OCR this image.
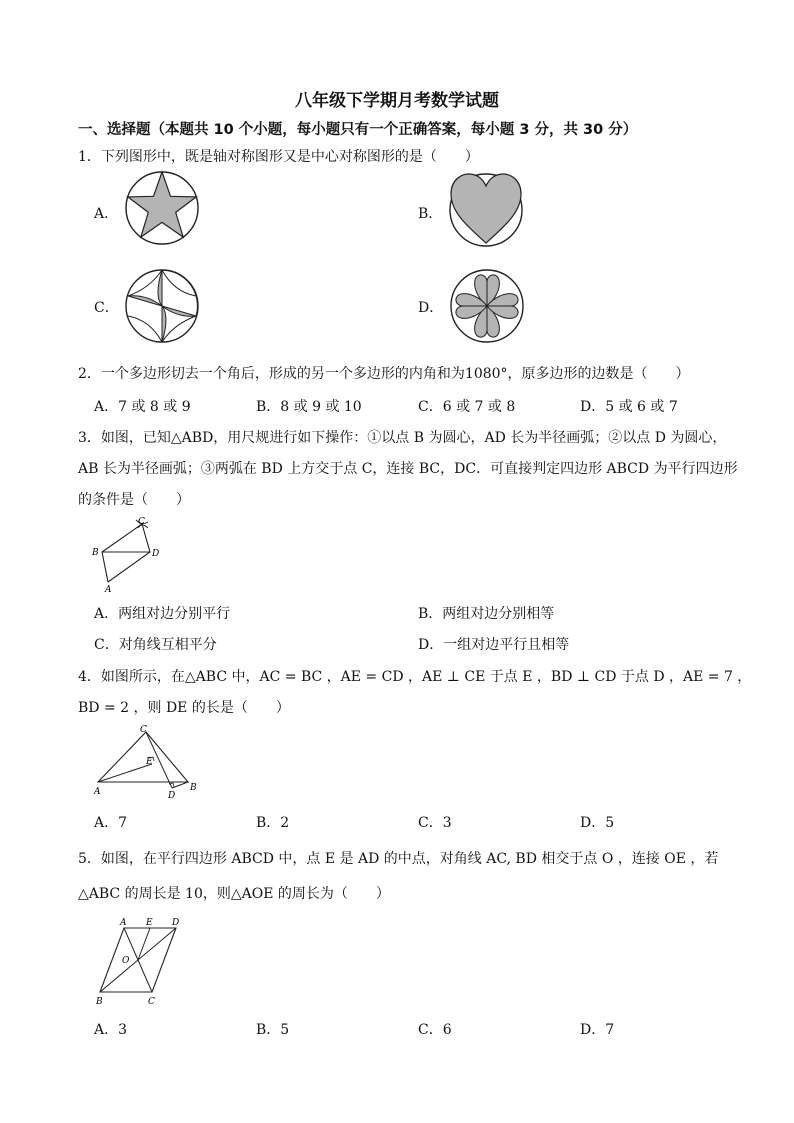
八年级下学期月考数学试题
一、选择题（本题共 10 个小题，每小题只有一个正确答案，每小题 3 分，共 30 分）
1．下列图形中，既是轴对称图形又是中心对称图形的是（　　）
A．	B．
C．	D．
2．一个多边形切去一个角后，形成的另一个多边形的内角和为1080°，原多边形的边数是（　　）
A．7 或 8 或 9	B．8 或 9 或 10	C．6 或 7 或 8	D．5 或 6 或 7
3．如图，已知△ABD，用尺规进行如下操作：①以点 B 为圆心，AD 长为半径画弧；②以点 D 为圆心，
AB 长为半径画弧；③两弧在 BD 上方交于点 C，连接 BC，DC．可直接判定四边形 ABCD 为平行四边形
的条件是（　　）
C
B	D
A
A．两组对边分别平行	B．两组对边分别相等
C．对角线互相平分	D．一组对边平行且相等
4．如图所示，在△ABC 中，AC = BC ，AE = CD ，AE ⊥ CE 于点 E ，BD ⊥ CD 于点 D ，AE = 7 ，
BD = 2 ，则 DE 的长是（　　）
C
E
A	D
B
A．7	B．2	C．3	D．5
5．如图，在平行四边形 ABCD 中，点 E 是 AD 的中点，对角线 AC, BD 相交于点 O ，连接 OE ，若
△ABC 的周长是 10，则△AOE 的周长为（　　）
A E D
O
B	C
A．3	B．5	C．6	D．7
